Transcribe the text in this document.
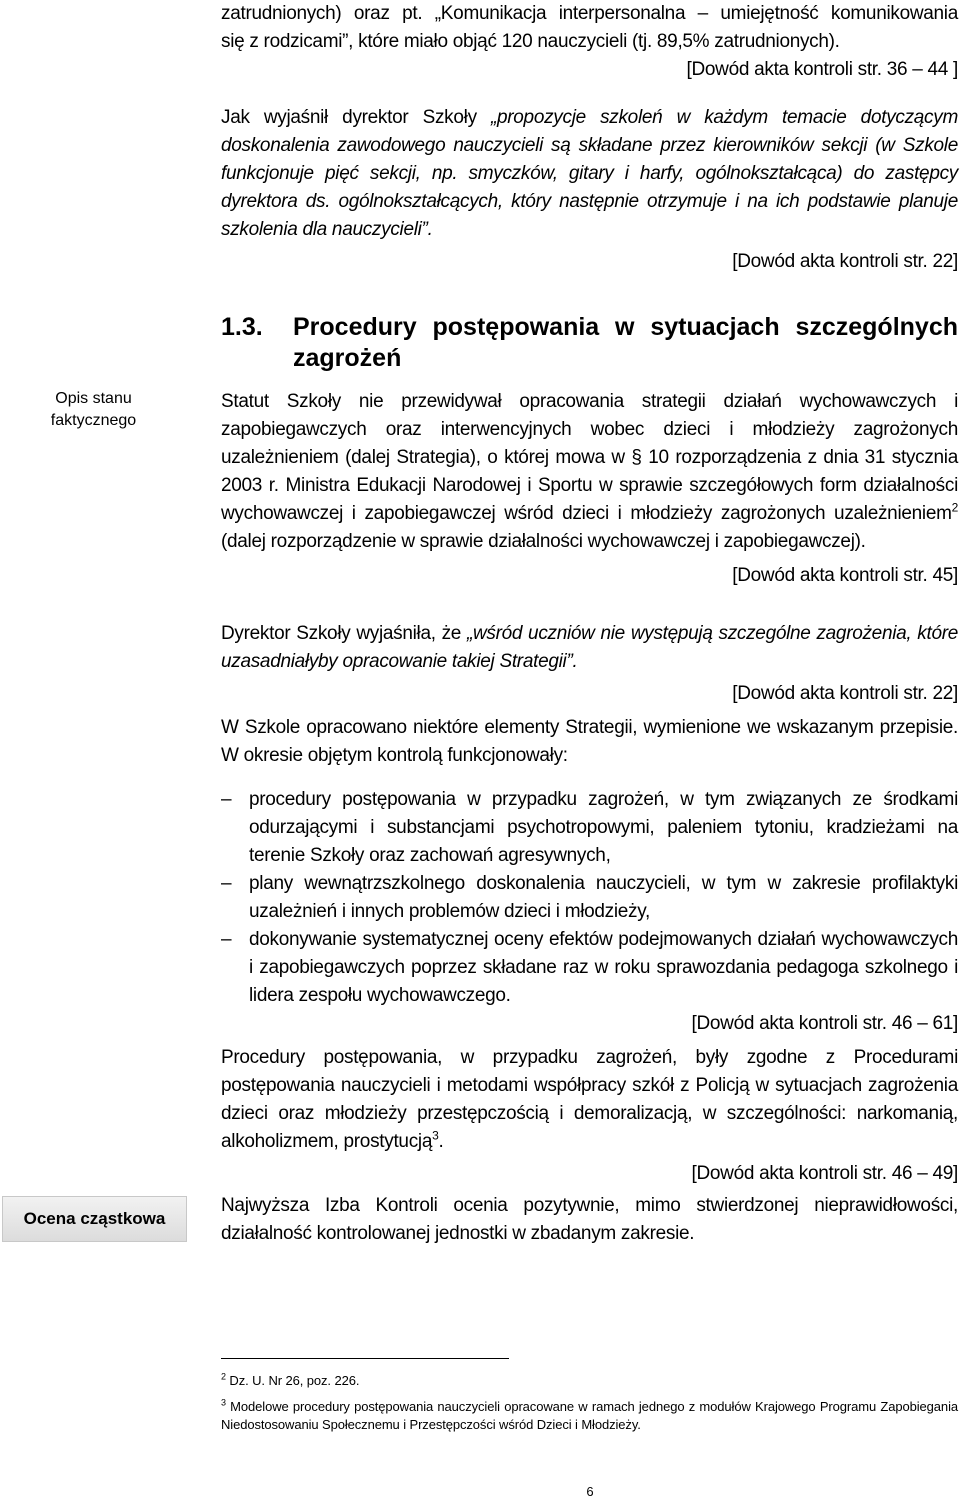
zatrudnionych) oraz pt. „Komunikacja interpersonalna – umiejętność komunikowania
się z rodzicami”, które miało objąć 120 nauczycieli (tj. 89,5% zatrudnionych).
[Dowód akta kontroli str. 36 – 44 ]

Jak wyjaśnił dyrektor Szkoły „propozycje szkoleń w każdym temacie dotyczącym doskonalenia zawodowego nauczycieli są składane przez kierowników sekcji (w Szkole funkcjonuje pięć sekcji, np. smyczków, gitary i harfy, ogólnokształcąca) do zastępcy dyrektora ds. ogólnokształcących, który następnie otrzymuje i na ich podstawie planuje szkolenia dla nauczycieli”.

[Dowód akta kontroli str. 22]
1.3. Procedury postępowania w sytuacjach szczególnych
zagrożeń
Opis stanu
faktycznego
Ocena cząstkowa

Statut Szkoły nie przewidywał opracowania strategii działań wychowawczych i zapobiegawczych oraz interwencyjnych wobec dzieci i młodzieży zagrożonych uzależnieniem (dalej Strategia), o której mowa w § 10 rozporządzenia z dnia 31 stycznia 2003 r. Ministra Edukacji Narodowej i Sportu w sprawie szczegółowych form działalności wychowawczej i zapobiegawczej wśród dzieci i młodzieży zagrożonych uzależnieniem$^2$ (dalej rozporządzenie w sprawie działalności wychowawczej i zapobiegawczej).

[Dowód akta kontroli str. 45]

Dyrektor Szkoły wyjaśniła, że „wśród uczniów nie występują szczególne zagrożenia, które uzasadniałyby opracowanie takiej Strategii”.

[Dowód akta kontroli str. 22]

W Szkole opracowano niektóre elementy Strategii, wymienione we wskazanym przepisie. W okresie objętym kontrolą funkcjonowały:

– procedury postępowania w przypadku zagrożeń, w tym związanych ze środkami odurzającymi i substancjami psychotropowymi, paleniem tytoniu, kradzieżami na terenie Szkoły oraz zachowań agresywnych,
– plany wewnątrzszkolnego doskonalenia nauczycieli, w tym w zakresie profilaktyki uzależnień i innych problemów dzieci i młodzieży,
– dokonywanie systematycznej oceny efektów podejmowanych działań wychowawczych i zapobiegawczych poprzez składane raz w roku sprawozdania pedagoga szkolnego i lidera zespołu wychowawczego.
[Dowód akta kontroli str. 46 – 61]

Procedury postępowania, w przypadku zagrożeń, były zgodne z Procedurami postępowania nauczycieli i metodami współpracy szkół z Policją w sytuacjach zagrożenia dzieci oraz młodzieży przestępczością i demoralizacją, w szczególności: narkomanią, alkoholizmem, prostytucją$^3$.

[Dowód akta kontroli str. 46 – 49]

Najwyższa Izba Kontroli ocenia pozytywnie, mimo stwierdzonej nieprawidłowości, działalność kontrolowanej jednostki w zbadanym zakresie.

$^2$ Dz. U. Nr 26, poz. 226.
$^3$ Modelowe procedury postępowania nauczycieli opracowane w ramach jednego z modułów Krajowego Programu Zapobiegania Niedostosowaniu Społecznemu i Przestępczości wśród Dzieci i Młodzieży.
6
